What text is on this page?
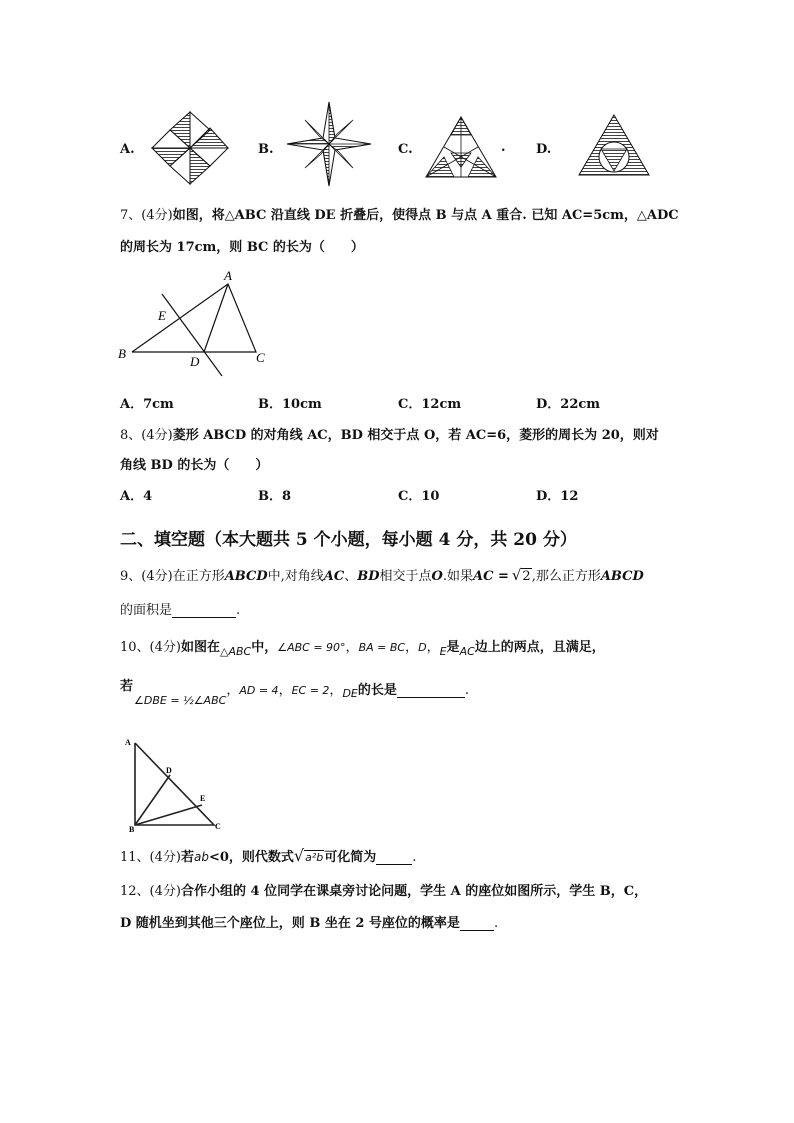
A.	B.	C.	. D.
7、(4分)如图，将△ABC 沿直线 DE 折叠后，使得点 B 与点 A 重合. 已知 AC=5cm，△ADC
的周长为 17cm，则 BC 的长为（　　）
A
E
B
D	C
A．7cm	B．10cm	C．12cm	D．22cm
8、(4分)菱形 ABCD 的对角线 AC，BD 相交于点 O，若 AC=6，菱形的周长为 20，则对
角线 BD 的长为（　　）
A．4	B．8	C．10	D．12
二、填空题（本大题共 5 个小题，每小题 4 分，共 20 分）
9、(4分)在正方形ABCD中,对角线AC、BD相交于点O.如果AC = √2,那么正方形ABCD
的面积是	.
10、(4分)如图在$_{\triangle ABC}$中，∠ABC = 90°，BA = BC，D，$_E$是$_{AC}$边上的两点，且满足，
若
$_{\angle DBE = \frac{1}{2}\angle ABC}$，AD = 4，EC = 2，$_{DE}$的长是	.
A
D
E
B	C
11、(4分)若ab<0，则代数式√a²b可化简为	.
12、(4分)合作小组的 4 位同学在课桌旁讨论问题，学生 A 的座位如图所示，学生 B，C，
D 随机坐到其他三个座位上，则 B 坐在 2 号座位的概率是	.
